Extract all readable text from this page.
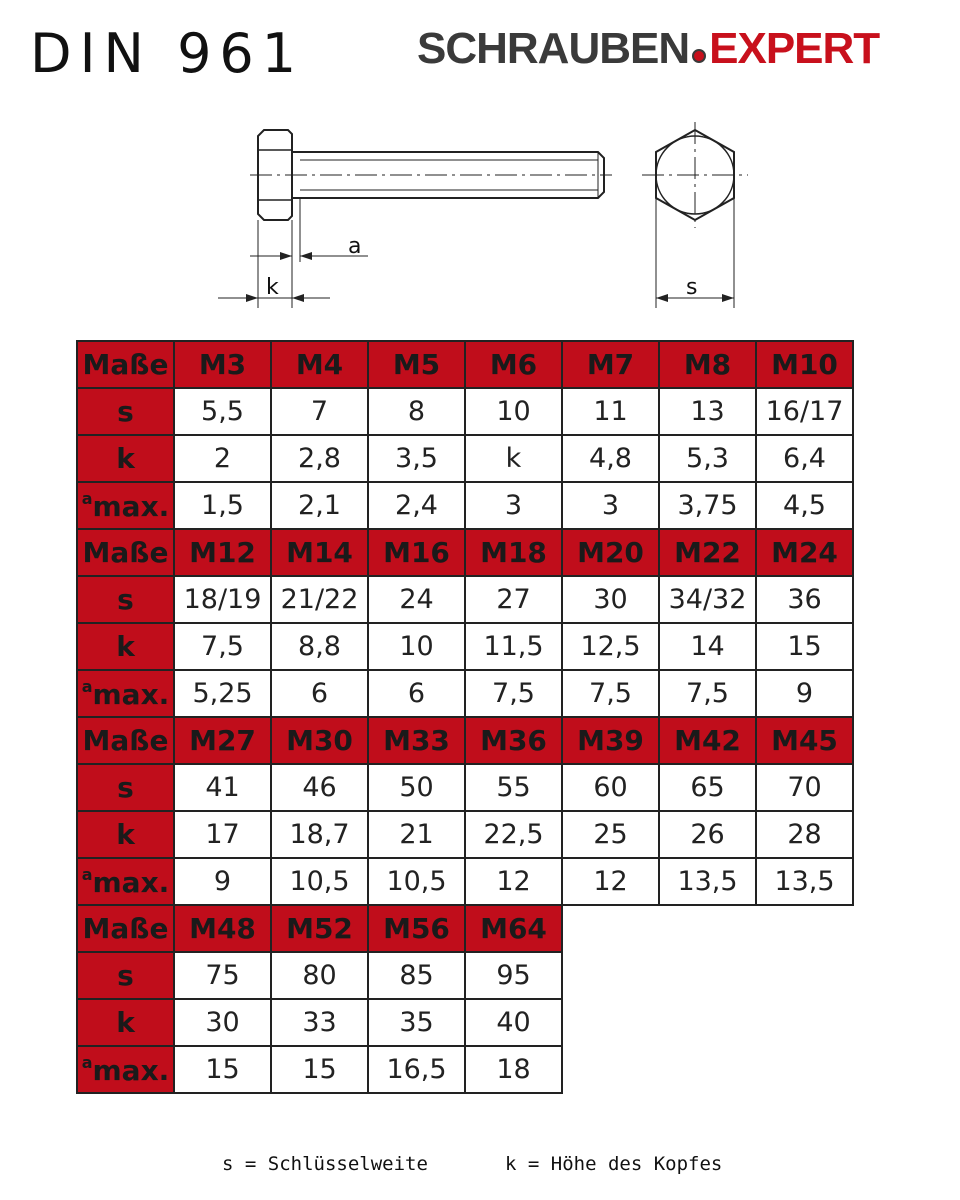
DIN 961	SCHRAUBEN EXPERT
a
k	s
Maße	M3	M4	M5	M6	M7	M8	M10
s	5,5	7	8	10	11	13	16/17
k	2	2,8	3,5	k	4,8	5,3	6,4
$^a$max.	1,5	2,1	2,4	3	3	3,75	4,5
Maße	M12	M14	M16	M18	M20	M22	M24
s	18/19	21/22	24	27	30	34/32	36
k	7,5	8,8	10	11,5	12,5	14	15
$^a$max.	5,25	6	6	7,5	7,5	7,5	9
Maße	M27	M30	M33	M36	M39	M42	M45
s	41	46	50	55	60	65	70
k	17	18,7	21	22,5	25	26	28
$^a$max.	9	10,5	10,5	12	12	13,5	13,5
Maße	M48	M52	M56	M64			
s	75	80	85	95			
k	30	33	35	40			
$^a$max.	15	15	16,5	18			
s = Schlüsselweite	k = Höhe des Kopfes
